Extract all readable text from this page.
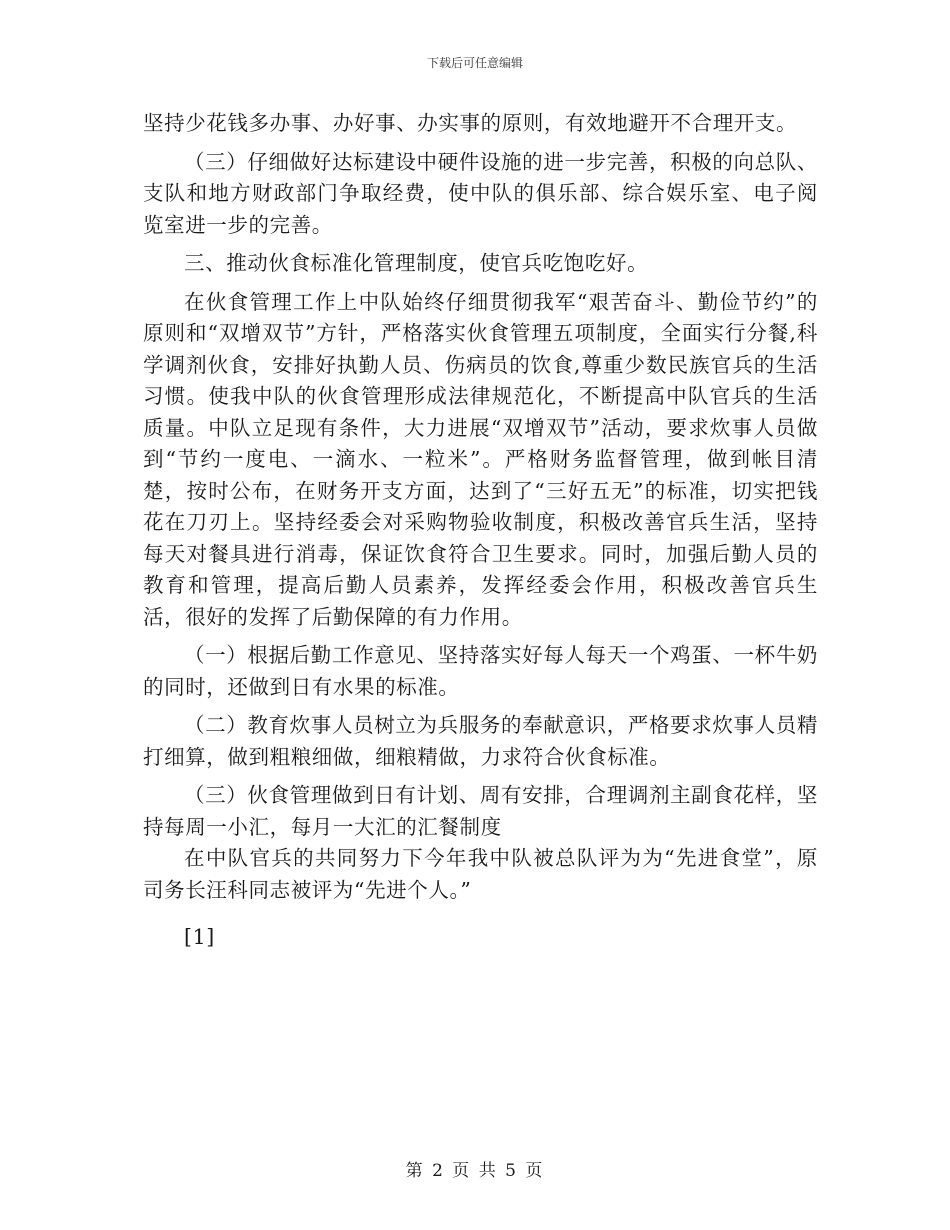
下载后可任意编辑

坚持少花钱多办事、办好事、办实事的原则，有效地避开不合理开支。

（三）仔细做好达标建设中硬件设施的进一步完善，积极的向总队、支队和地方财政部门争取经费，使中队的俱乐部、综合娱乐室、电子阅览室进一步的完善。

三、推动伙食标准化管理制度，使官兵吃饱吃好。

在伙食管理工作上中队始终仔细贯彻我军“艰苦奋斗、勤俭节约”的原则和“双增双节”方针，严格落实伙食管理五项制度，全面实行分餐,科学调剂伙食，安排好执勤人员、伤病员的饮食,尊重少数民族官兵的生活习惯。使我中队的伙食管理形成法律规范化，不断提高中队官兵的生活质量。中队立足现有条件，大力进展“双增双节”活动，要求炊事人员做到“节约一度电、一滴水、一粒米”。严格财务监督管理，做到帐目清楚，按时公布，在财务开支方面，达到了“三好五无”的标准，切实把钱花在刀刃上。坚持经委会对采购物验收制度，积极改善官兵生活，坚持每天对餐具进行消毒，保证饮食符合卫生要求。同时，加强后勤人员的教育和管理，提高后勤人员素养，发挥经委会作用，积极改善官兵生活，很好的发挥了后勤保障的有力作用。

（一）根据后勤工作意见、坚持落实好每人每天一个鸡蛋、一杯牛奶的同时，还做到日有水果的标准。

（二）教育炊事人员树立为兵服务的奉献意识，严格要求炊事人员精打细算，做到粗粮细做，细粮精做，力求符合伙食标准。

（三）伙食管理做到日有计划、周有安排，合理调剂主副食花样，坚持每周一小汇，每月一大汇的汇餐制度

在中队官兵的共同努力下今年我中队被总队评为为“先进食堂”，原司务长汪科同志被评为“先进个人。”

[1]

第 2 页 共 5 页
